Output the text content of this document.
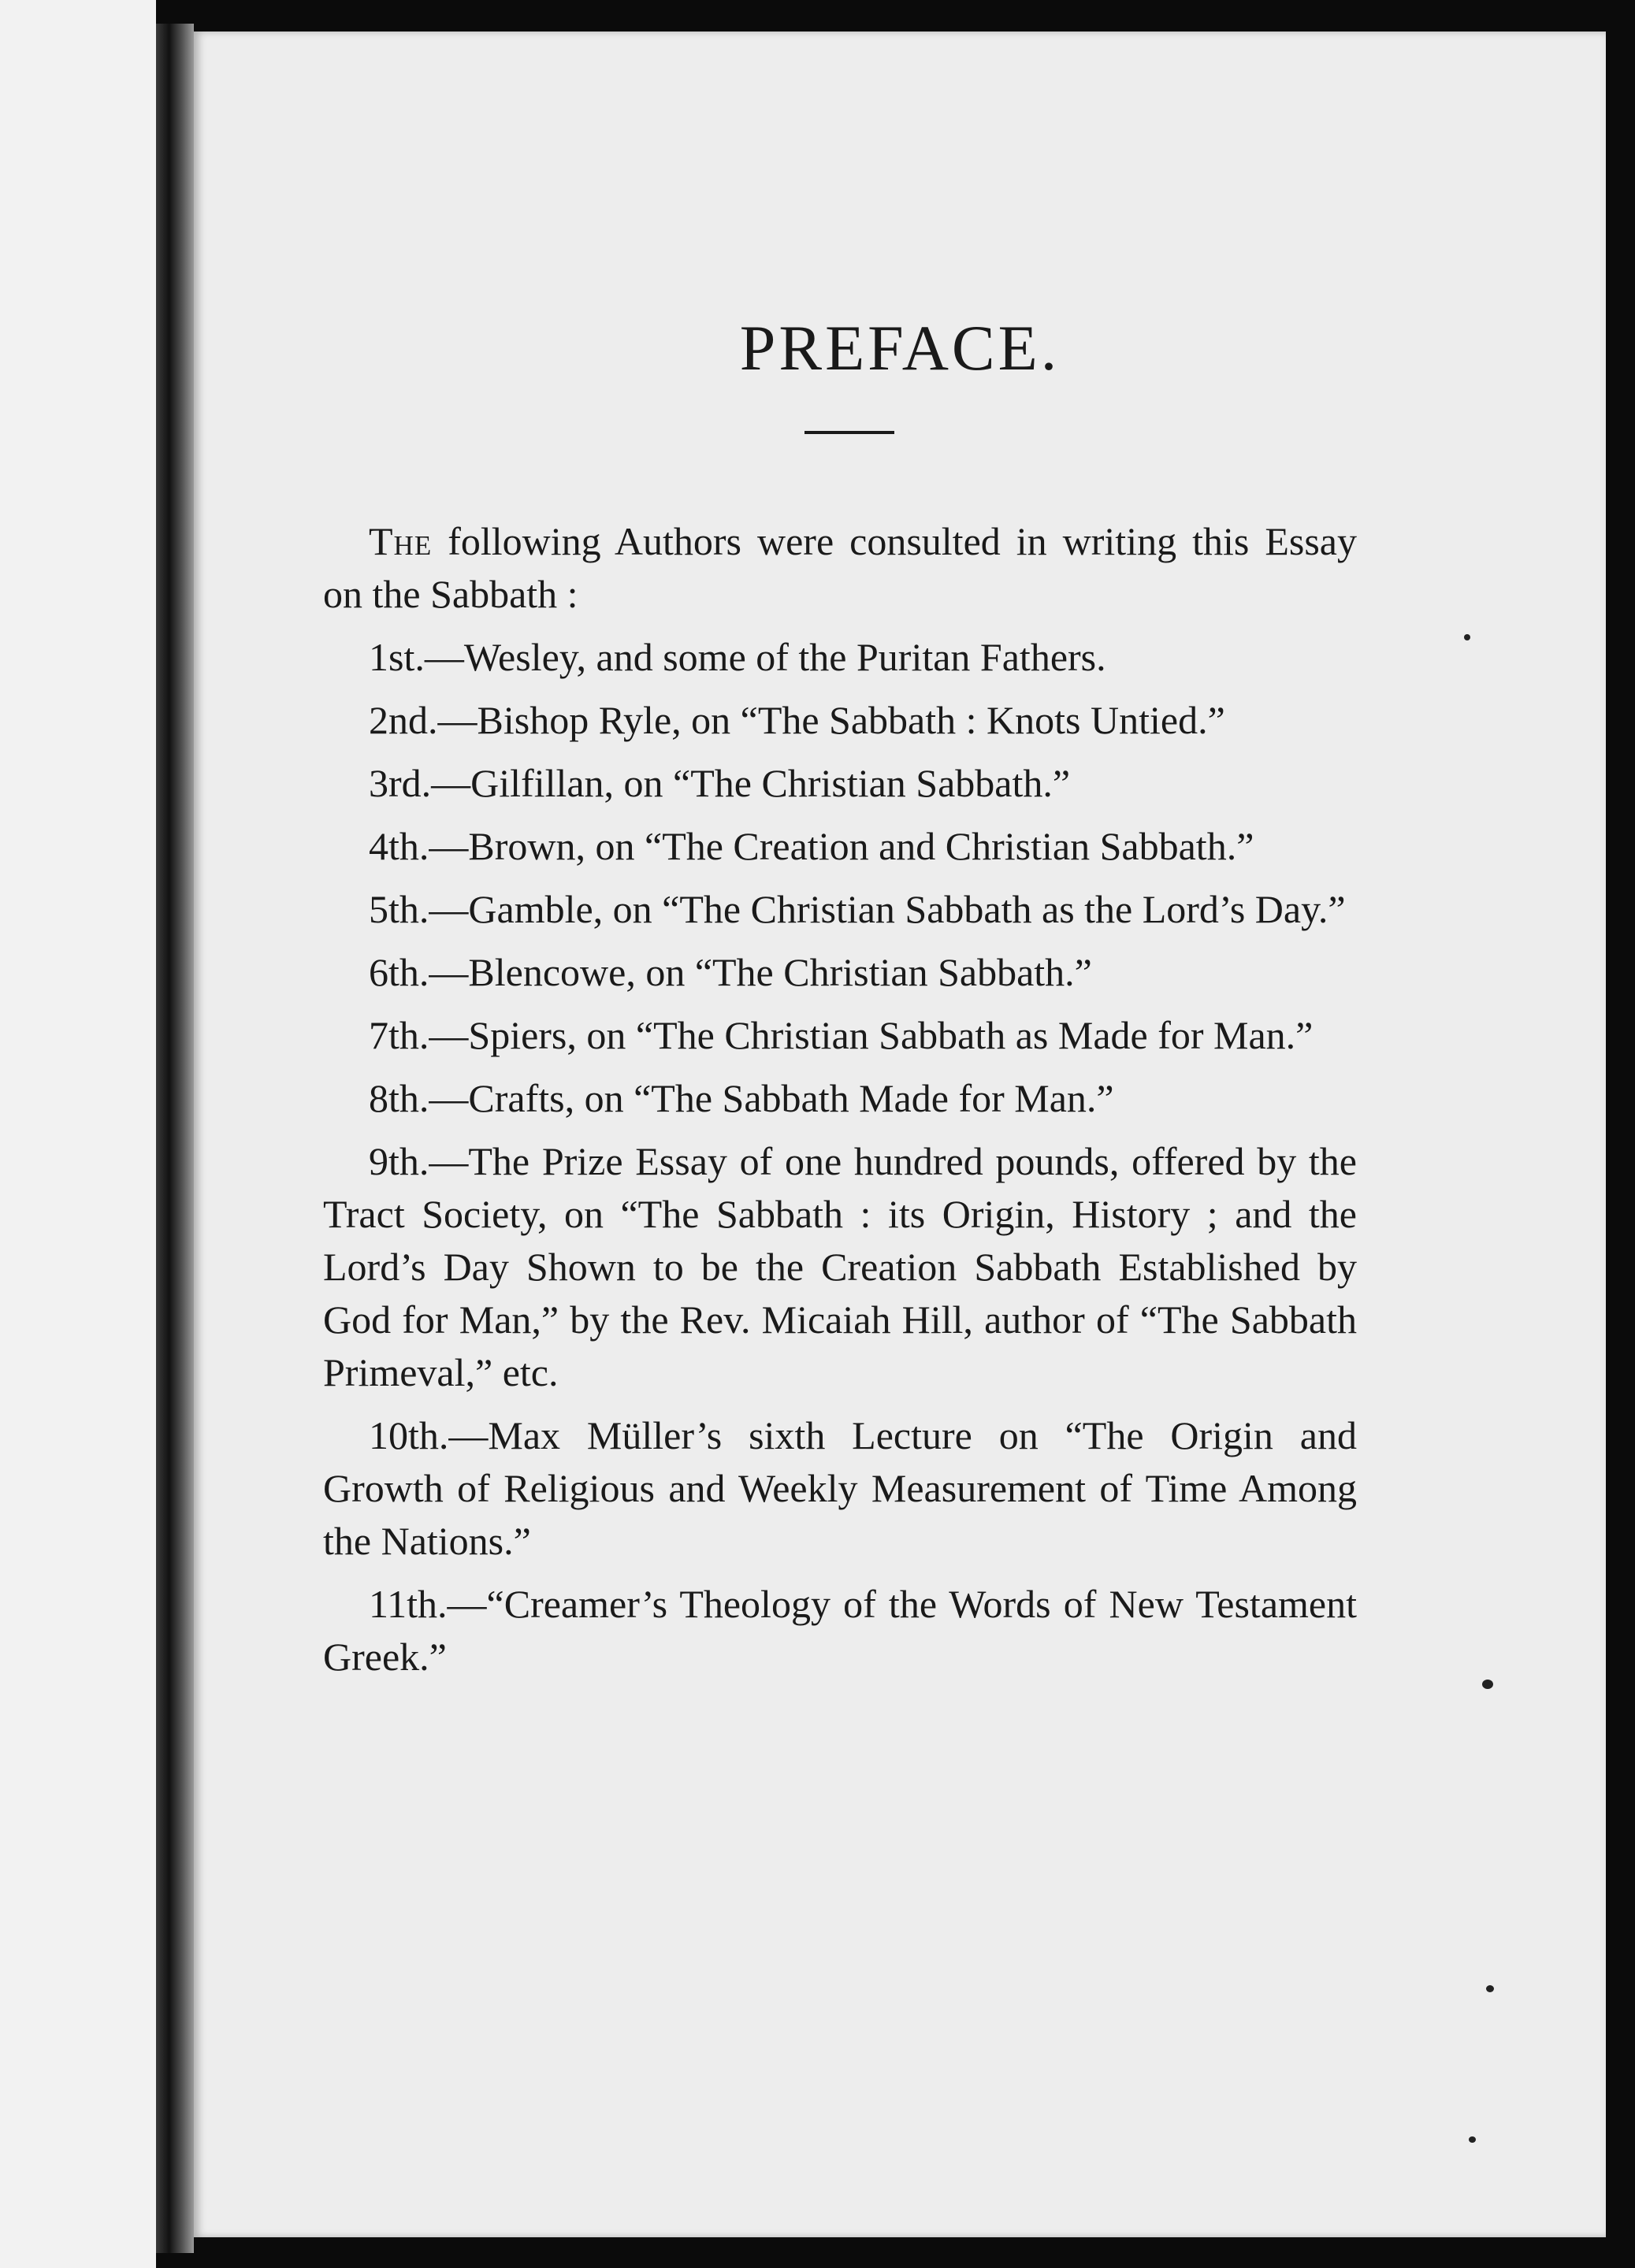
PREFACE.

The following Authors were consulted in writing this Essay on the Sabbath :

1st.—Wesley, and some of the Puritan Fathers.

2nd.—Bishop Ryle, on “The Sabbath : Knots Untied.”

3rd.—Gilfillan, on “The Christian Sabbath.”

4th.—Brown, on “The Creation and Christian Sabbath.”

5th.—Gamble, on “The Christian Sabbath as the Lord’s Day.”

6th.—Blencowe, on “The Christian Sabbath.”

7th.—Spiers, on “The Christian Sabbath as Made for Man.”

8th.—Crafts, on “The Sabbath Made for Man.”

9th.—The Prize Essay of one hundred pounds, offered by the Tract Society, on “The Sabbath : its Origin, History ; and the Lord’s Day Shown to be the Creation Sabbath Established by God for Man,” by the Rev. Micaiah Hill, author of “The Sabbath Primeval,” etc.

10th.—Max Müller’s sixth Lecture on “The Origin and Growth of Religious and Weekly Measurement of Time Among the Nations.”

11th.—“Creamer’s Theology of the Words of New Testament Greek.”
